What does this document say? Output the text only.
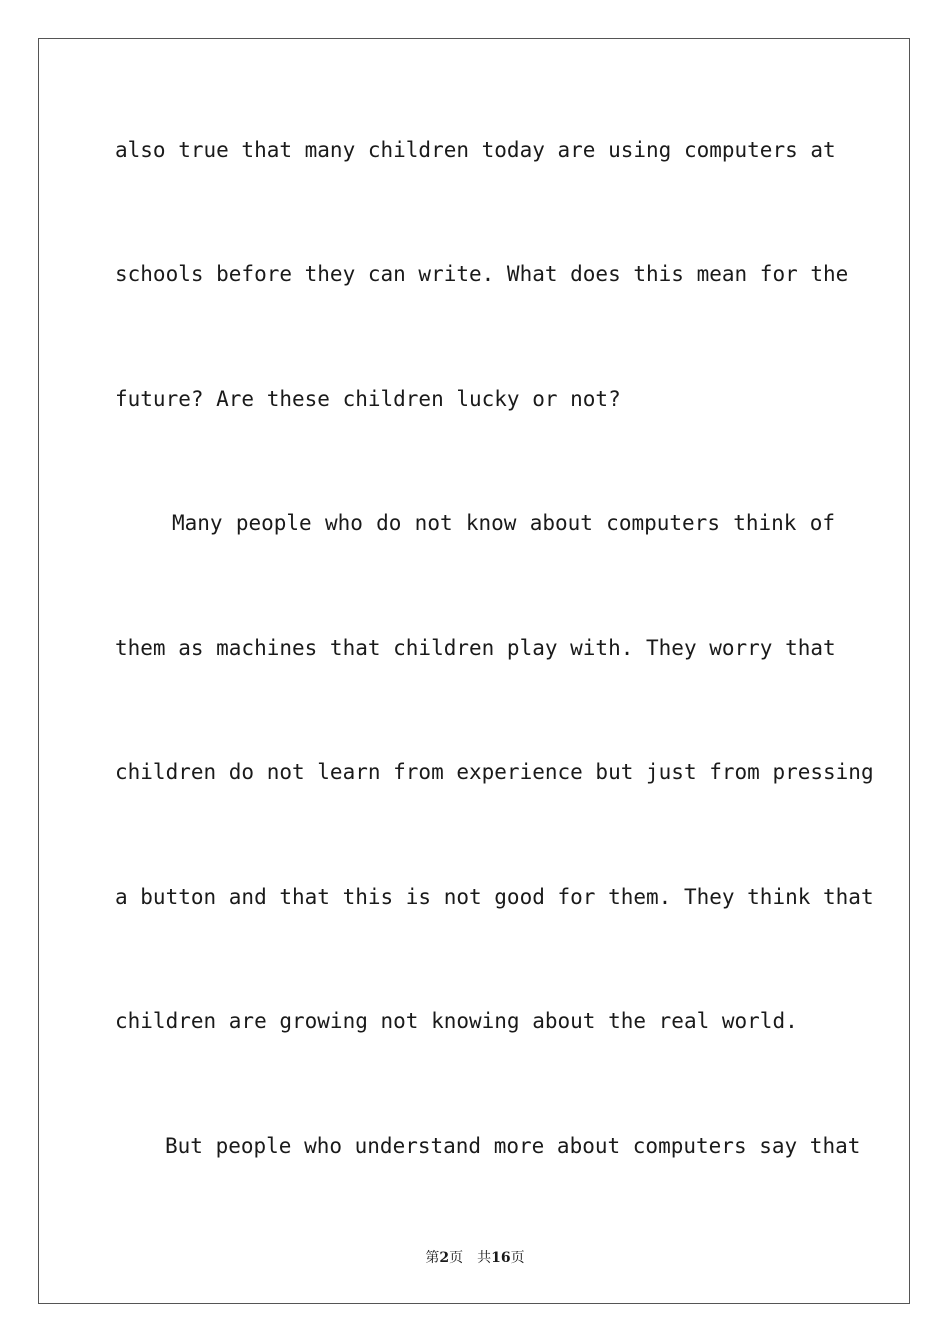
also true that many children today are using computers at
schools before they can write. What does this mean for the
future? Are these children lucky or not?
Many people who do not know about computers think of
them as machines that children play with. They worry that
children do not learn from experience but just from pressing
a button and that this is not good for them. They think that
children are growing not knowing about the real world.
But people who understand more about computers say that
第2页 共16页
